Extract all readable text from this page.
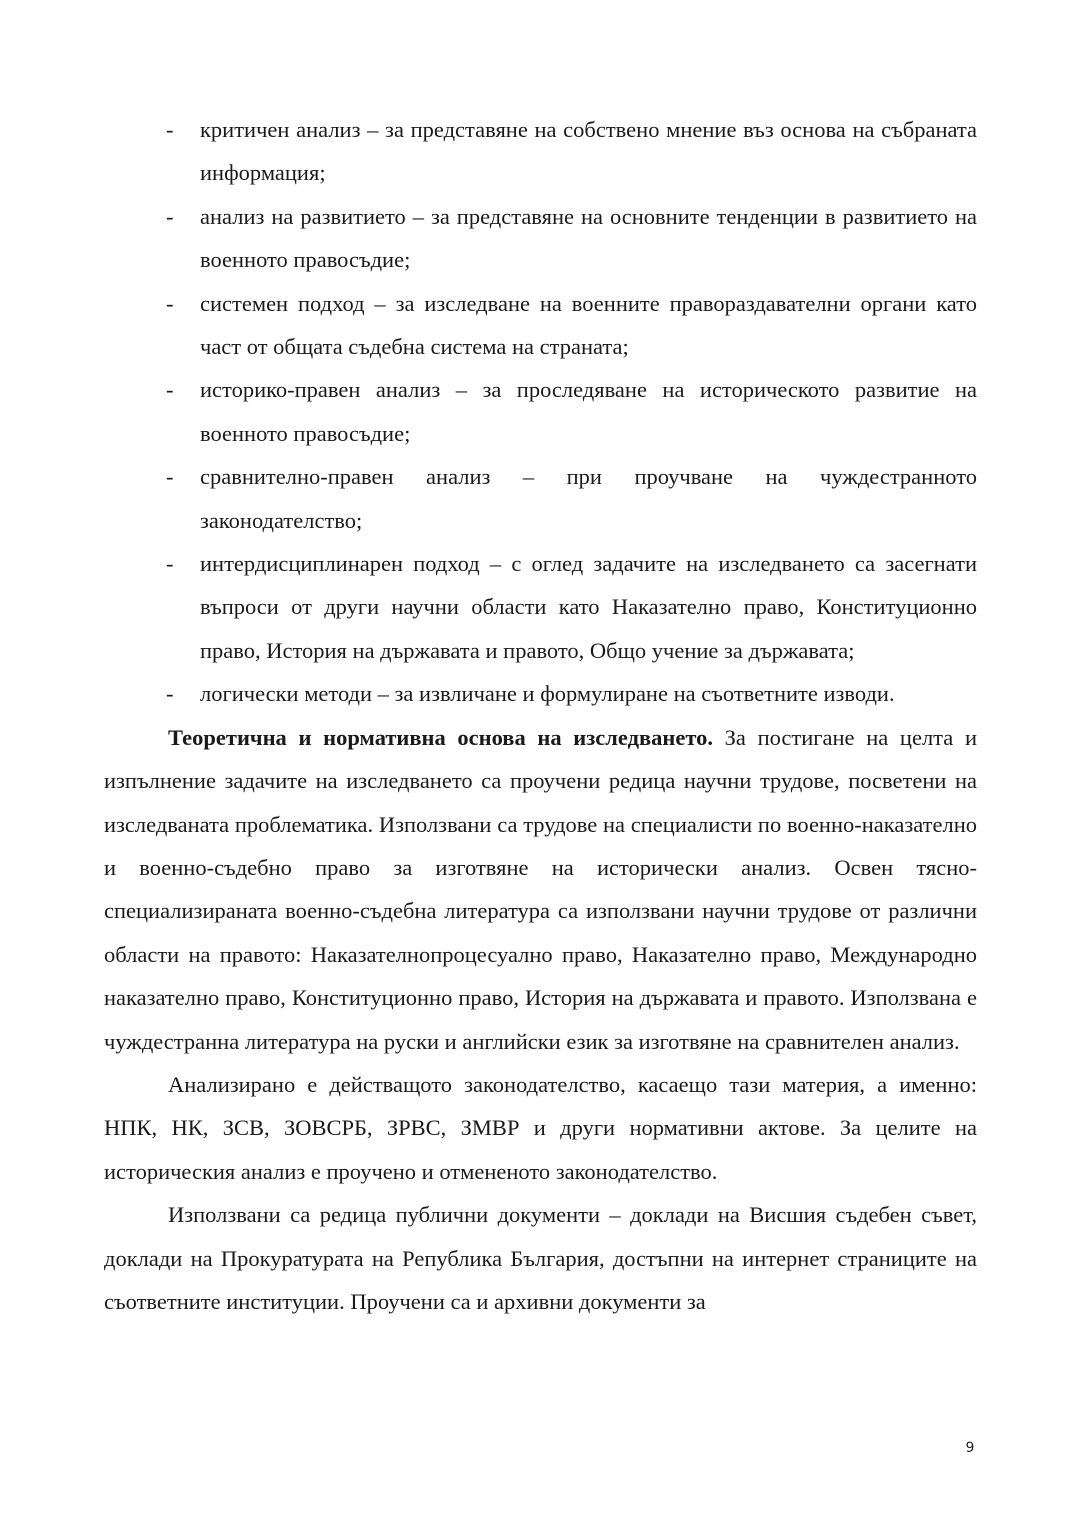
- критичен анализ – за представяне на собствено мнение въз основа на събраната информация;
- анализ на развитието – за представяне на основните тенденции в развитието на военното правосъдие;
- системен подход – за изследване на военните правораздавателни органи като част от общата съдебна система на страната;
- историко-правен анализ – за проследяване на историческото развитие на военното правосъдие;
- сравнително-правен анализ – при проучване на чуждестранното законодателство;
- интердисциплинарен подход – с оглед задачите на изследването са засегнати въпроси от други научни области като Наказателно право, Конституционно право, История на държавата и правото, Общо учение за държавата;
- логически методи – за извличане и формулиране на съответните изводи.

Теоретична и нормативна основа на изследването. За постигане на целта и изпълнение задачите на изследването са проучени редица научни трудове, посветени на изследваната проблематика. Използвани са трудове на специалисти по военно-наказателно и военно-съдебно право за изготвяне на исторически анализ. Освен тясно-специализираната военно-съдебна литература са използвани научни трудове от различни области на правото: Наказателнопроцесуално право, Наказателно право, Международно наказателно право, Конституционно право, История на държавата и правото. Използвана е чуждестранна литература на руски и английски език за изготвяне на сравнителен анализ.

Анализирано е действащото законодателство, касаещо тази материя, а именно: НПК, НК, ЗСВ, ЗОВСРБ, ЗРВС, ЗМВР и други нормативни актове. За целите на историческия анализ е проучено и отмененото законодателство.

Използвани са редица публични документи – доклади на Висшия съдебен съвет, доклади на Прокуратурата на Република България, достъпни на интернет страниците на съответните институции. Проучени са и архивни документи за

9
